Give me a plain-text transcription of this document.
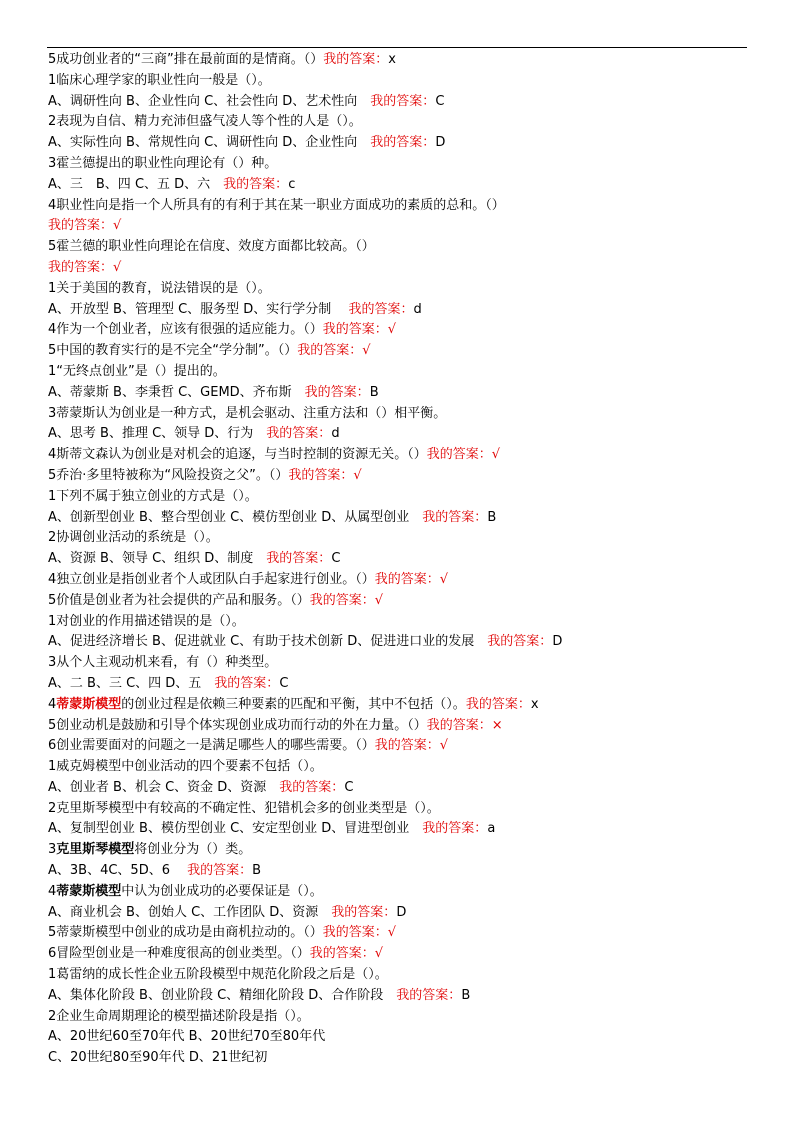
5成功创业者的“三商”排在最前面的是情商。（）我的答案：x
1临床心理学家的职业性向一般是（）。
A、调研性向 B、企业性向 C、社会性向 D、艺术性向　我的答案：C
2表现为自信、精力充沛但盛气凌人等个性的人是（）。
A、实际性向 B、常规性向 C、调研性向 D、企业性向　我的答案：D
3霍兰德提出的职业性向理论有（）种。
A、三　B、四 C、五 D、六　我的答案：c
4职业性向是指一个人所具有的有利于其在某一职业方面成功的素质的总和。（）
我的答案：√
5霍兰德的职业性向理论在信度、效度方面都比较高。（）
我的答案：√
1关于美国的教育，说法错误的是（）。
A、开放型 B、管理型 C、服务型 D、实行学分制　 我的答案：d
4作为一个创业者，应该有很强的适应能力。（）我的答案：√
5中国的教育实行的是不完全“学分制”。（）我的答案：√
1“无终点创业”是（）提出的。
A、蒂蒙斯 B、李秉哲 C、GEMD、齐布斯　我的答案：B
3蒂蒙斯认为创业是一种方式，是机会驱动、注重方法和（）相平衡。
A、思考 B、推理 C、领导 D、行为　我的答案：d
4斯蒂文森认为创业是对机会的追逐，与当时控制的资源无关。（）我的答案：√
5乔治·多里特被称为“风险投资之父”。（）我的答案：√
1下列不属于独立创业的方式是（）。
A、创新型创业 B、整合型创业 C、模仿型创业 D、从属型创业　我的答案：B
2协调创业活动的系统是（）。
A、资源 B、领导 C、组织 D、制度　我的答案：C
4独立创业是指创业者个人或团队白手起家进行创业。（）我的答案：√
5价值是创业者为社会提供的产品和服务。（）我的答案：√
1对创业的作用描述错误的是（）。
A、促进经济增长 B、促进就业 C、有助于技术创新 D、促进进口业的发展　我的答案：D
3从个人主观动机来看，有（）种类型。
A、二 B、三 C、四 D、五　我的答案：C
4蒂蒙斯模型的创业过程是依赖三种要素的匹配和平衡，其中不包括（）。我的答案：x
5创业动机是鼓励和引导个体实现创业成功而行动的外在力量。（）我的答案：×
6创业需要面对的问题之一是满足哪些人的哪些需要。（）我的答案：√
1威克姆模型中创业活动的四个要素不包括（）。
A、创业者 B、机会 C、资金 D、资源　我的答案：C
2克里斯琴模型中有较高的不确定性、犯错机会多的创业类型是（）。
A、复制型创业 B、模仿型创业 C、安定型创业 D、冒进型创业　我的答案：a
3克里斯琴模型将创业分为（）类。
A、3B、4C、5D、6　 我的答案：B
4蒂蒙斯模型中认为创业成功的必要保证是（）。
A、商业机会 B、创始人 C、工作团队 D、资源　我的答案：D
5蒂蒙斯模型中创业的成功是由商机拉动的。（）我的答案：√
6冒险型创业是一种难度很高的创业类型。（）我的答案：√
1葛雷纳的成长性企业五阶段模型中规范化阶段之后是（）。
A、集体化阶段 B、创业阶段 C、精细化阶段 D、合作阶段　我的答案：B
2企业生命周期理论的模型描述阶段是指（）。
A、20世纪60至70年代 B、20世纪70至80年代
C、20世纪80至90年代 D、21世纪初
